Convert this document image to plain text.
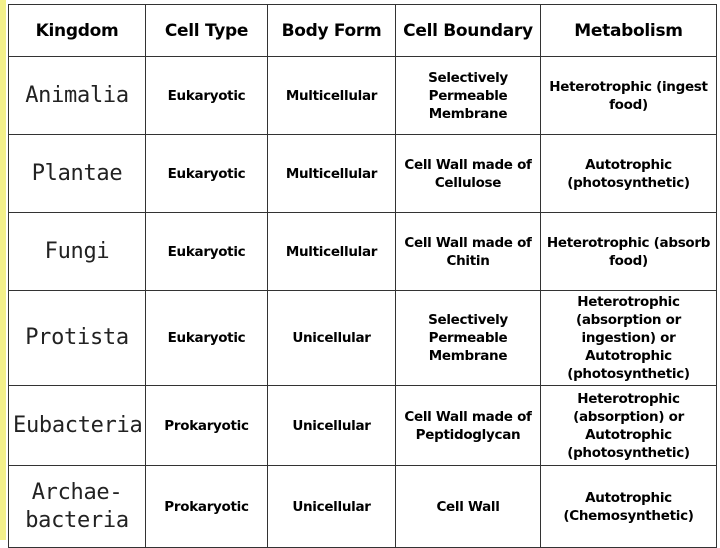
Kingdom	Cell Type	Body Form	Cell Boundary	Metabolism
Animalia	Eukaryotic	Multicellular	Selectively Permeable Membrane	Heterotrophic (ingest food)
Plantae	Eukaryotic	Multicellular	Cell Wall made of Cellulose	Autotrophic (photosynthetic)
Fungi	Eukaryotic	Multicellular	Cell Wall made of Chitin	Heterotrophic (absorb food)
Protista	Eukaryotic	Unicellular	Selectively Permeable Membrane	Heterotrophic (absorption or ingestion) or Autotrophic (photosynthetic)
Eubacteria	Prokaryotic	Unicellular	Cell Wall made of Peptidoglycan	Heterotrophic (absorption) or Autotrophic (photosynthetic)
Archae-bacteria	Prokaryotic	Unicellular	Cell Wall	Autotrophic (Chemosynthetic)
